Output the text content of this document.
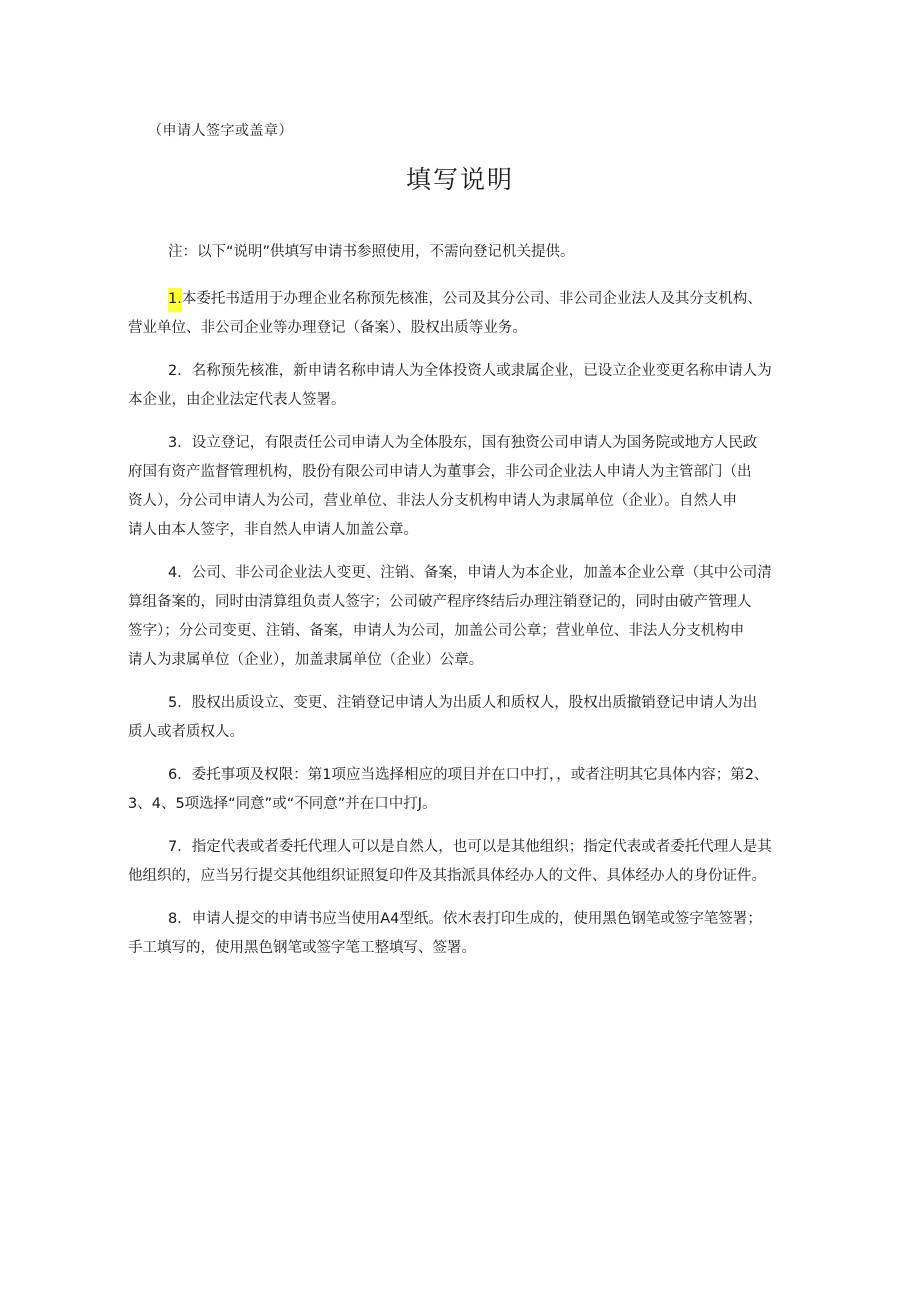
（申请人签字或盖章）
填写说明
注：以下“说明”供填写申请书参照使用，不需向登记机关提供。

1.本委托书适用于办理企业名称预先核准，公司及其分公司、非公司企业法人及其分支机构、
营业单位、非公司企业等办理登记（备案）、股权出质等业务。

2．名称预先核准，新申请名称申请人为全体投资人或隶属企业，已设立企业变更名称申请人为
本企业，由企业法定代表人签署。

3．设立登记，有限责任公司申请人为全体股东，国有独资公司申请人为国务院或地方人民政
府国有资产监督管理机构，股份有限公司申请人为董事会，非公司企业法人申请人为主管部门（出
资人），分公司申请人为公司，营业单位、非法人分支机构申请人为隶属单位（企业）。自然人申
请人由本人签字，非自然人申请人加盖公章。

4．公司、非公司企业法人变更、注销、备案，申请人为本企业，加盖本企业公章（其中公司清
算组备案的，同时由清算组负责人签字；公司破产程序终结后办理注销登记的，同时由破产管理人
签字）；分公司变更、注销、备案，申请人为公司，加盖公司公章；营业单位、非法人分支机构申
请人为隶属单位（企业），加盖隶属单位（企业）公章。

5．股权出质设立、变更、注销登记申请人为出质人和质权人，股权出质撤销登记申请人为出
质人或者质权人。

6．委托事项及权限：第1项应当选择相应的项目并在口中打，，或者注明其它具体内容；第2、
3、4、5项选择“同意”或“不同意”并在口中打J。

7．指定代表或者委托代理人可以是自然人，也可以是其他组织；指定代表或者委托代理人是其
他组织的，应当另行提交其他组织证照复印件及其指派具体经办人的文件、具体经办人的身份证件。

8．申请人提交的申请书应当使用A4型纸。依木表打印生成的，使用黑色钢笔或签字笔签署；
手工填写的，使用黑色钢笔或签字笔工整填写、签署。
